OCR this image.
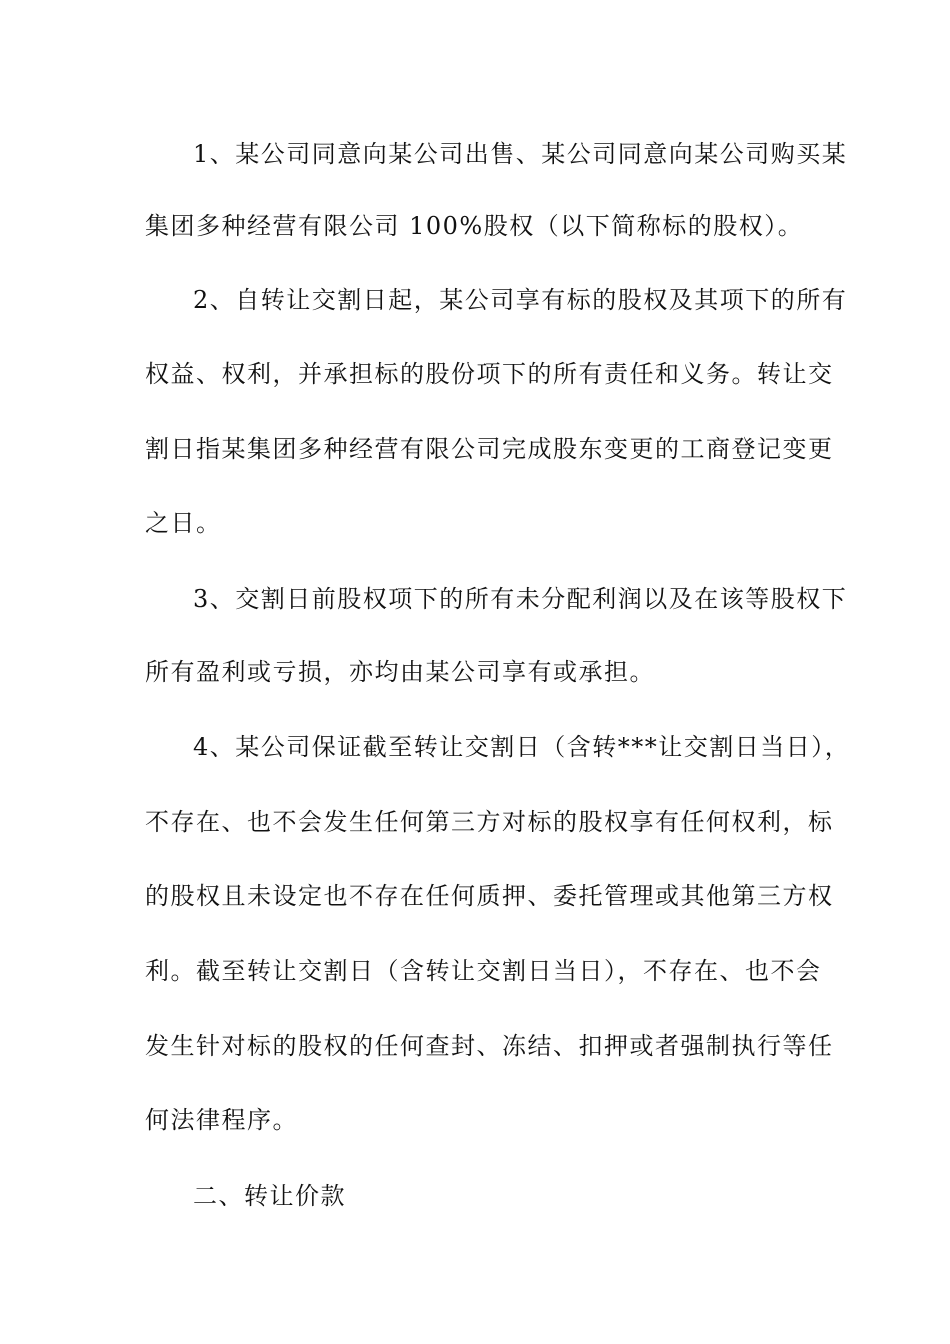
1、某公司同意向某公司出售、某公司同意向某公司购买某
集团多种经营有限公司 100%股权（以下简称标的股权）。
2、自转让交割日起，某公司享有标的股权及其项下的所有
权益、权利，并承担标的股份项下的所有责任和义务。转让交
割日指某集团多种经营有限公司完成股东变更的工商登记变更
之日。
3、交割日前股权项下的所有未分配利润以及在该等股权下
所有盈利或亏损，亦均由某公司享有或承担。
4、某公司保证截至转让交割日（含转***让交割日当日），
不存在、也不会发生任何第三方对标的股权享有任何权利，标
的股权且未设定也不存在任何质押、委托管理或其他第三方权
利。截至转让交割日（含转让交割日当日），不存在、也不会
发生针对标的股权的任何查封、冻结、扣押或者强制执行等任
何法律程序。
二、转让价款
